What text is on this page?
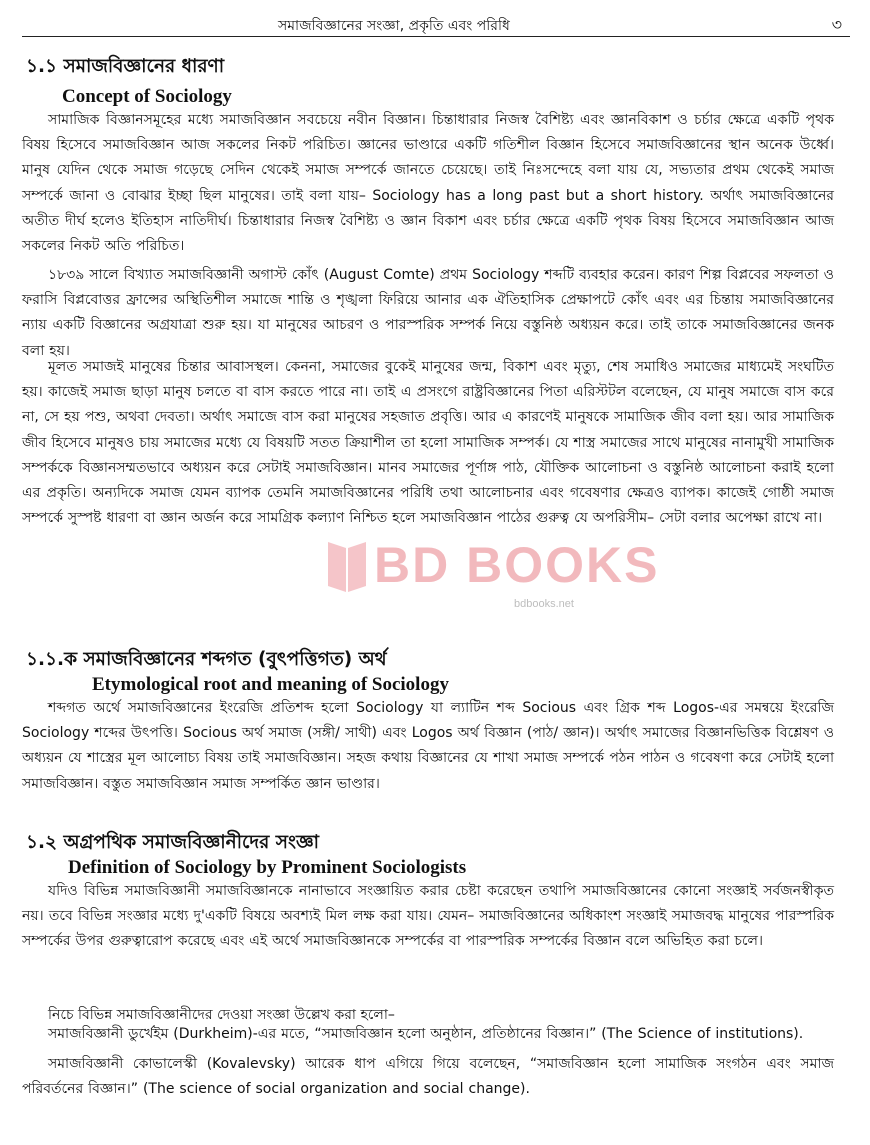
সমাজবিজ্ঞানের সংজ্ঞা, প্রকৃতি এবং পরিধি	৩
১.১ সমাজবিজ্ঞানের ধারণা
Concept of Sociology

সামাজিক বিজ্ঞানসমূহের মধ্যে সমাজবিজ্ঞান সবচেয়ে নবীন বিজ্ঞান। চিন্তাধারার নিজস্ব বৈশিষ্ট্য এবং জ্ঞানবিকাশ ও চর্চার ক্ষেত্রে একটি পৃথক বিষয় হিসেবে সমাজবিজ্ঞান আজ সকলের নিকট পরিচিত। জ্ঞানের ভাণ্ডারে একটি গতিশীল বিজ্ঞান হিসেবে সমাজবিজ্ঞানের স্থান অনেক উর্ধ্বে। মানুষ যেদিন থেকে সমাজ গড়েছে সেদিন থেকেই সমাজ সম্পর্কে জানতে চেয়েছে। তাই নিঃসন্দেহে বলা যায় যে, সভ্যতার প্রথম থেকেই সমাজ সম্পর্কে জানা ও বোঝার ইচ্ছা ছিল মানুষের। তাই বলা যায়– Sociology has a long past but a short history. অর্থাৎ সমাজবিজ্ঞানের অতীত দীর্ঘ হলেও ইতিহাস নাতিদীর্ঘ। চিন্তাধারার নিজস্ব বৈশিষ্ট্য ও জ্ঞান বিকাশ এবং চর্চার ক্ষেত্রে একটি পৃথক বিষয় হিসেবে সমাজবিজ্ঞান আজ সকলের নিকট অতি পরিচিত।

১৮৩৯ সালে বিখ্যাত সমাজবিজ্ঞানী অগাস্ট কোঁৎ (August Comte) প্রথম Sociology শব্দটি ব্যবহার করেন। কারণ শিল্প বিপ্লবের সফলতা ও ফরাসি বিপ্লবোত্তর ফ্রান্সের অস্থিতিশীল সমাজে শান্তি ও শৃঙ্খলা ফিরিয়ে আনার এক ঐতিহাসিক প্রেক্ষাপটে কোঁৎ এবং এর চিন্তায় সমাজবিজ্ঞানের ন্যায় একটি বিজ্ঞানের অগ্রযাত্রা শুরু হয়। যা মানুষের আচরণ ও পারস্পরিক সম্পর্ক নিয়ে বস্তুনিষ্ঠ অধ্যয়ন করে। তাই তাকে সমাজবিজ্ঞানের জনক বলা হয়।

মূলত সমাজই মানুষের চিন্তার আবাসস্থল। কেননা, সমাজের বুকেই মানুষের জন্ম, বিকাশ এবং মৃত্যু, শেষ সমাধিও সমাজের মাধ্যমেই সংঘটিত হয়। কাজেই সমাজ ছাড়া মানুষ চলতে বা বাস করতে পারে না। তাই এ প্রসংগে রাষ্ট্রবিজ্ঞানের পিতা এরিস্টটল বলেছেন, যে মানুষ সমাজে বাস করে না, সে হয় পশু, অথবা দেবতা। অর্থাৎ সমাজে বাস করা মানুষের সহজাত প্রবৃত্তি। আর এ কারণেই মানুষকে সামাজিক জীব বলা হয়। আর সামাজিক জীব হিসেবে মানুষও চায় সমাজের মধ্যে যে বিষয়টি সতত ক্রিয়াশীল তা হলো সামাজিক সম্পর্ক। যে শাস্ত্র সমাজের সাথে মানুষের নানামুখী সামাজিক সম্পর্ককে বিজ্ঞানসম্মতভাবে অধ্যয়ন করে সেটাই সমাজবিজ্ঞান। মানব সমাজের পূর্ণাঙ্গ পাঠ, যৌক্তিক আলোচনা ও বস্তুনিষ্ঠ আলোচনা করাই হলো এর প্রকৃতি। অন্যদিকে সমাজ যেমন ব্যাপক তেমনি সমাজবিজ্ঞানের পরিধি তথা আলোচনার এবং গবেষণার ক্ষেত্রও ব্যাপক। কাজেই গোষ্ঠী সমাজ সম্পর্কে সুস্পষ্ট ধারণা বা জ্ঞান অর্জন করে সামগ্রিক কল্যাণ নিশ্চিত হলে সমাজবিজ্ঞান পাঠের গুরুত্ব যে অপরিসীম– সেটা বলার অপেক্ষা রাখে না।

১.১.ক সমাজবিজ্ঞানের শব্দগত (বুৎপত্তিগত) অর্থ
Etymological root and meaning of Sociology

শব্দগত অর্থে সমাজবিজ্ঞানের ইংরেজি প্রতিশব্দ হলো Sociology যা ল্যাটিন শব্দ Socious এবং গ্রিক শব্দ Logos-এর সমন্বয়ে ইংরেজি Sociology শব্দের উৎপত্তি। Socious অর্থ সমাজ (সঙ্গী/ সাথী) এবং Logos অর্থ বিজ্ঞান (পাঠ/ জ্ঞান)। অর্থাৎ সমাজের বিজ্ঞানভিত্তিক বিশ্লেষণ ও অধ্যয়ন যে শাস্ত্রের মূল আলোচ্য বিষয় তাই সমাজবিজ্ঞান। সহজ কথায় বিজ্ঞানের যে শাখা সমাজ সম্পর্কে পঠন পাঠন ও গবেষণা করে সেটাই হলো সমাজবিজ্ঞান। বস্তুত সমাজবিজ্ঞান সমাজ সম্পর্কিত জ্ঞান ভাণ্ডার।

১.২ অগ্রপথিক সমাজবিজ্ঞানীদের সংজ্ঞা
Definition of Sociology by Prominent Sociologists

যদিও বিভিন্ন সমাজবিজ্ঞানী সমাজবিজ্ঞানকে নানাভাবে সংজ্ঞায়িত করার চেষ্টা করেছেন তথাপি সমাজবিজ্ঞানের কোনো সংজ্ঞাই সর্বজনস্বীকৃত নয়। তবে বিভিন্ন সংজ্ঞার মধ্যে দু'একটি বিষয়ে অবশ্যই মিল লক্ষ করা যায়। যেমন– সমাজবিজ্ঞানের অধিকাংশ সংজ্ঞাই সমাজবদ্ধ মানুষের পারস্পরিক সম্পর্কের উপর গুরুত্বারোপ করেছে এবং এই অর্থে সমাজবিজ্ঞানকে সম্পর্কের বা পারস্পরিক সম্পর্কের বিজ্ঞান বলে অভিহিত করা চলে।

নিচে বিভিন্ন সমাজবিজ্ঞানীদের দেওয়া সংজ্ঞা উল্লেখ করা হলো–

সমাজবিজ্ঞানী ডুর্খেইম (Durkheim)-এর মতে, “সমাজবিজ্ঞান হলো অনুষ্ঠান, প্রতিষ্ঠানের বিজ্ঞান।” (The Science of institutions).

সমাজবিজ্ঞানী কোভালেস্কী (Kovalevsky) আরেক ধাপ এগিয়ে গিয়ে বলেছেন, “সমাজবিজ্ঞান হলো সামাজিক সংগঠন এবং সমাজ পরিবর্তনের বিজ্ঞান।” (The science of social organization and social change).

BD BOOKS
bdbooks.net
